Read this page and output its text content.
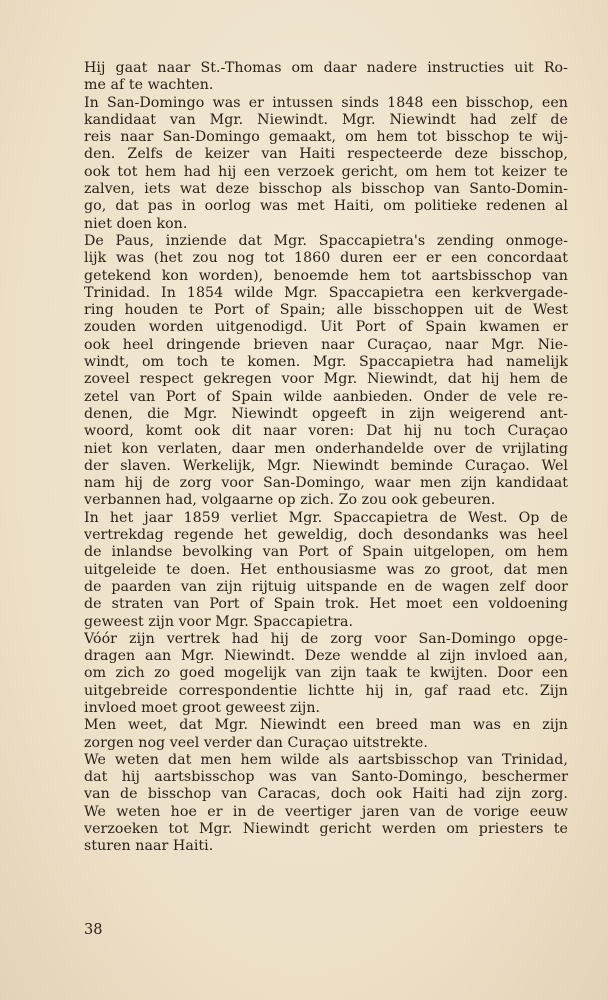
Hij gaat naar St.-Thomas om daar nadere instructies uit Ro-
me af te wachten.
In San-Domingo was er intussen sinds 1848 een bisschop, een
kandidaat van Mgr. Niewindt. Mgr. Niewindt had zelf de
reis naar San-Domingo gemaakt, om hem tot bisschop te wij-
den. Zelfs de keizer van Haiti respecteerde deze bisschop,
ook tot hem had hij een verzoek gericht, om hem tot keizer te
zalven, iets wat deze bisschop als bisschop van Santo-Domin-
go, dat pas in oorlog was met Haiti, om politieke redenen al
niet doen kon.
De Paus, inziende dat Mgr. Spaccapietra's zending onmoge-
lijk was (het zou nog tot 1860 duren eer er een concordaat
getekend kon worden), benoemde hem tot aartsbisschop van
Trinidad. In 1854 wilde Mgr. Spaccapietra een kerkvergade-
ring houden te Port of Spain; alle bisschoppen uit de West
zouden worden uitgenodigd. Uit Port of Spain kwamen er
ook heel dringende brieven naar Curaçao, naar Mgr. Nie-
windt, om toch te komen. Mgr. Spaccapietra had namelijk
zoveel respect gekregen voor Mgr. Niewindt, dat hij hem de
zetel van Port of Spain wilde aanbieden. Onder de vele re-
denen, die Mgr. Niewindt opgeeft in zijn weigerend ant-
woord, komt ook dit naar voren: Dat hij nu toch Curaçao
niet kon verlaten, daar men onderhandelde over de vrijlating
der slaven. Werkelijk, Mgr. Niewindt beminde Curaçao. Wel
nam hij de zorg voor San-Domingo, waar men zijn kandidaat
verbannen had, volgaarne op zich. Zo zou ook gebeuren.
In het jaar 1859 verliet Mgr. Spaccapietra de West. Op de
vertrekdag regende het geweldig, doch desondanks was heel
de inlandse bevolking van Port of Spain uitgelopen, om hem
uitgeleide te doen. Het enthousiasme was zo groot, dat men
de paarden van zijn rijtuig uitspande en de wagen zelf door
de straten van Port of Spain trok. Het moet een voldoening
geweest zijn voor Mgr. Spaccapietra.
Vóór zijn vertrek had hij de zorg voor San-Domingo opge-
dragen aan Mgr. Niewindt. Deze wendde al zijn invloed aan,
om zich zo goed mogelijk van zijn taak te kwijten. Door een
uitgebreide correspondentie lichtte hij in, gaf raad etc. Zijn
invloed moet groot geweest zijn.
Men weet, dat Mgr. Niewindt een breed man was en zijn
zorgen nog veel verder dan Curaçao uitstrekte.
We weten dat men hem wilde als aartsbisschop van Trinidad,
dat hij aartsbisschop was van Santo-Domingo, beschermer
van de bisschop van Caracas, doch ook Haiti had zijn zorg.
We weten hoe er in de veertiger jaren van de vorige eeuw
verzoeken tot Mgr. Niewindt gericht werden om priesters te
sturen naar Haiti.
38
